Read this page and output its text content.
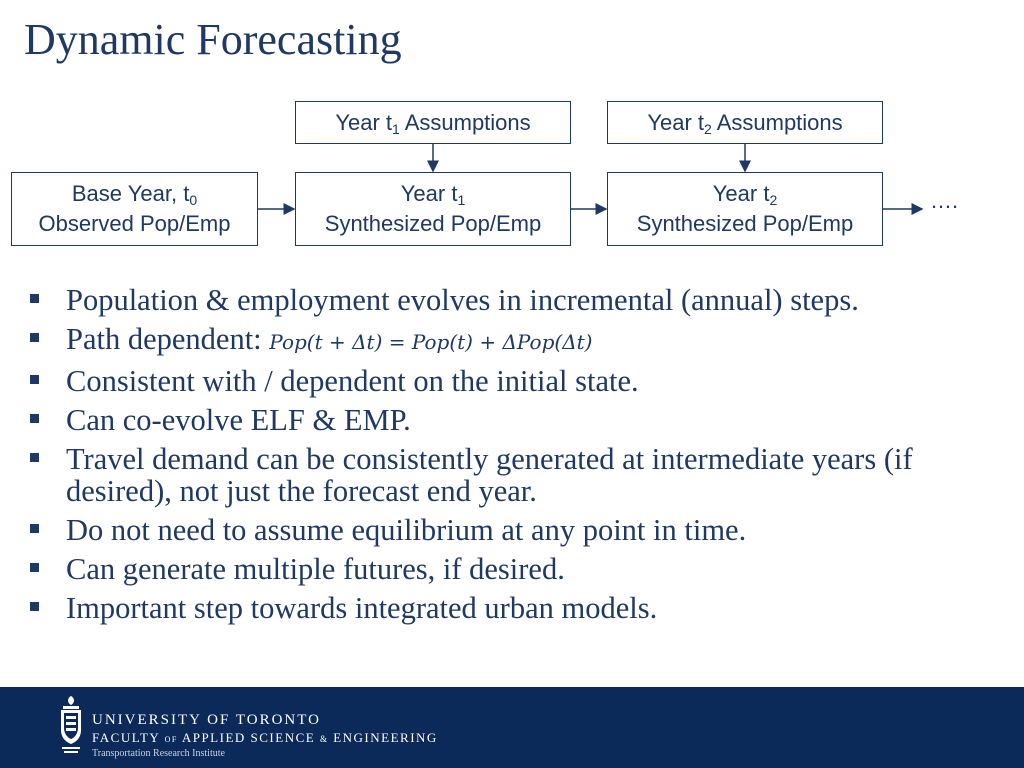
Dynamic Forecasting
Year $t_1$ Assumptions	Year $t_2$ Assumptions
Base Year, $t_0$
Observed Pop/Emp
Year $t_1$
Synthesized Pop/Emp
Year $t_2$
Synthesized Pop/Emp
….
Population & employment evolves in incremental (annual) steps.
Path dependent: Pop(t + Δt) = Pop(t) + ΔPop(Δt)
Consistent with / dependent on the initial state.
Can co-evolve ELF & EMP.
Travel demand can be consistently generated at intermediate years (if desired), not just the forecast end year.
Do not need to assume equilibrium at any point in time.
Can generate multiple futures, if desired.
Important step towards integrated urban models.
UNIVERSITY OF TORONTO
FACULTY OF APPLIED SCIENCE & ENGINEERING
Transportation Research Institute
